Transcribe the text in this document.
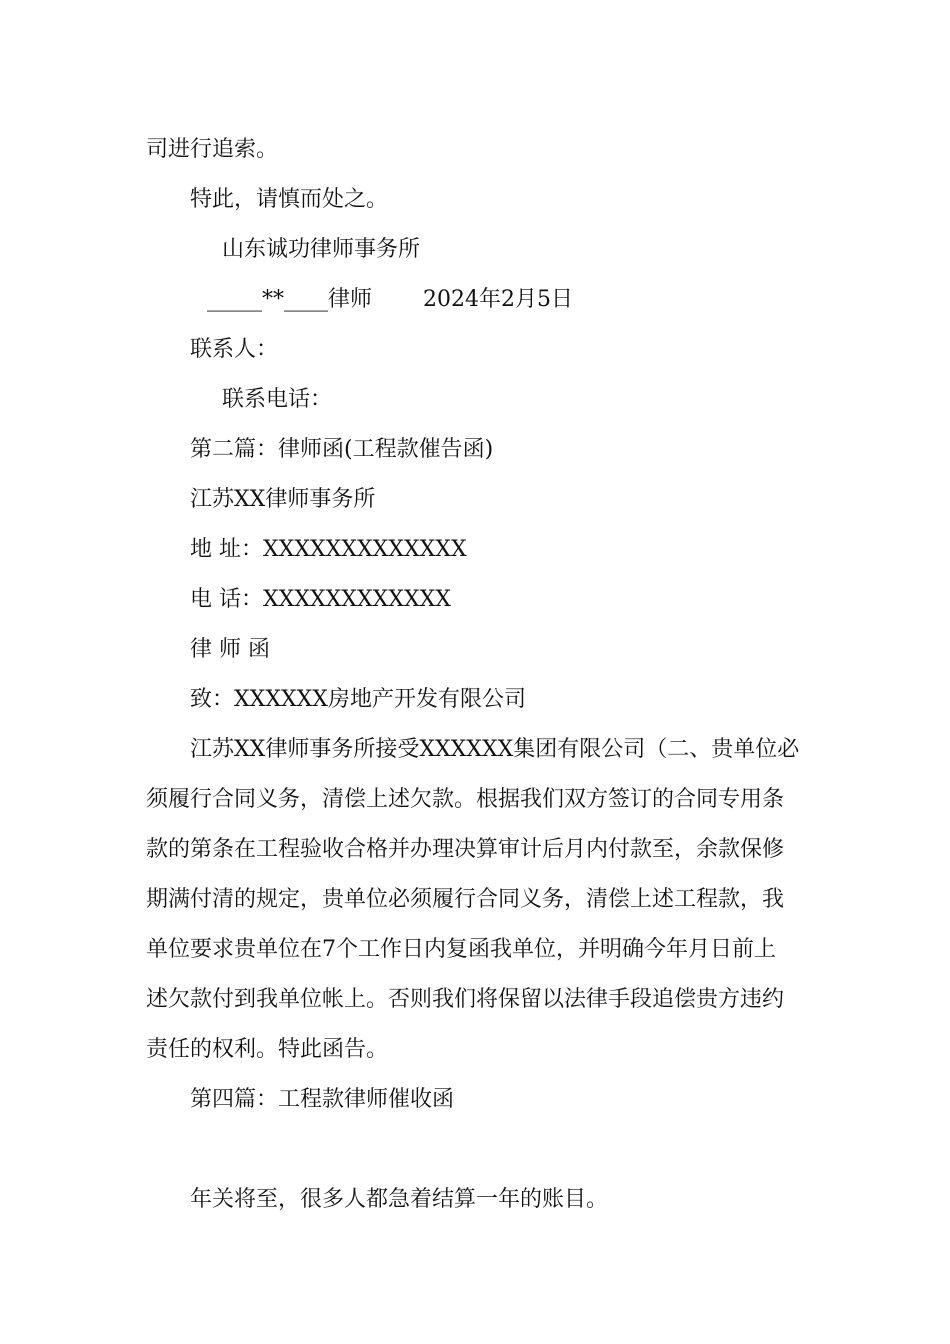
司进行追索。
特此，请慎而处之。
山东诚功律师事务所
_____**____律师　　 2024年2月5日
联系人：
联系电话：
第二篇：律师函(工程款催告函)
江苏XX律师事务所
地 址：XXXXXXXXXXXXX
电 话：XXXXXXXXXXXX
律 师 函
致：XXXXXX房地产开发有限公司
江苏XX律师事务所接受XXXXXX集团有限公司（二、贵单位必
须履行合同义务，清偿上述欠款。根据我们双方签订的合同专用条
款的第条在工程验收合格并办理决算审计后月内付款至，余款保修
期满付清的规定，贵单位必须履行合同义务，清偿上述工程款，我
单位要求贵单位在7个工作日内复函我单位，并明确今年月日前上
述欠款付到我单位帐上。否则我们将保留以法律手段追偿贵方违约
责任的权利。特此函告。
第四篇：工程款律师催收函
年关将至，很多人都急着结算一年的账目。
